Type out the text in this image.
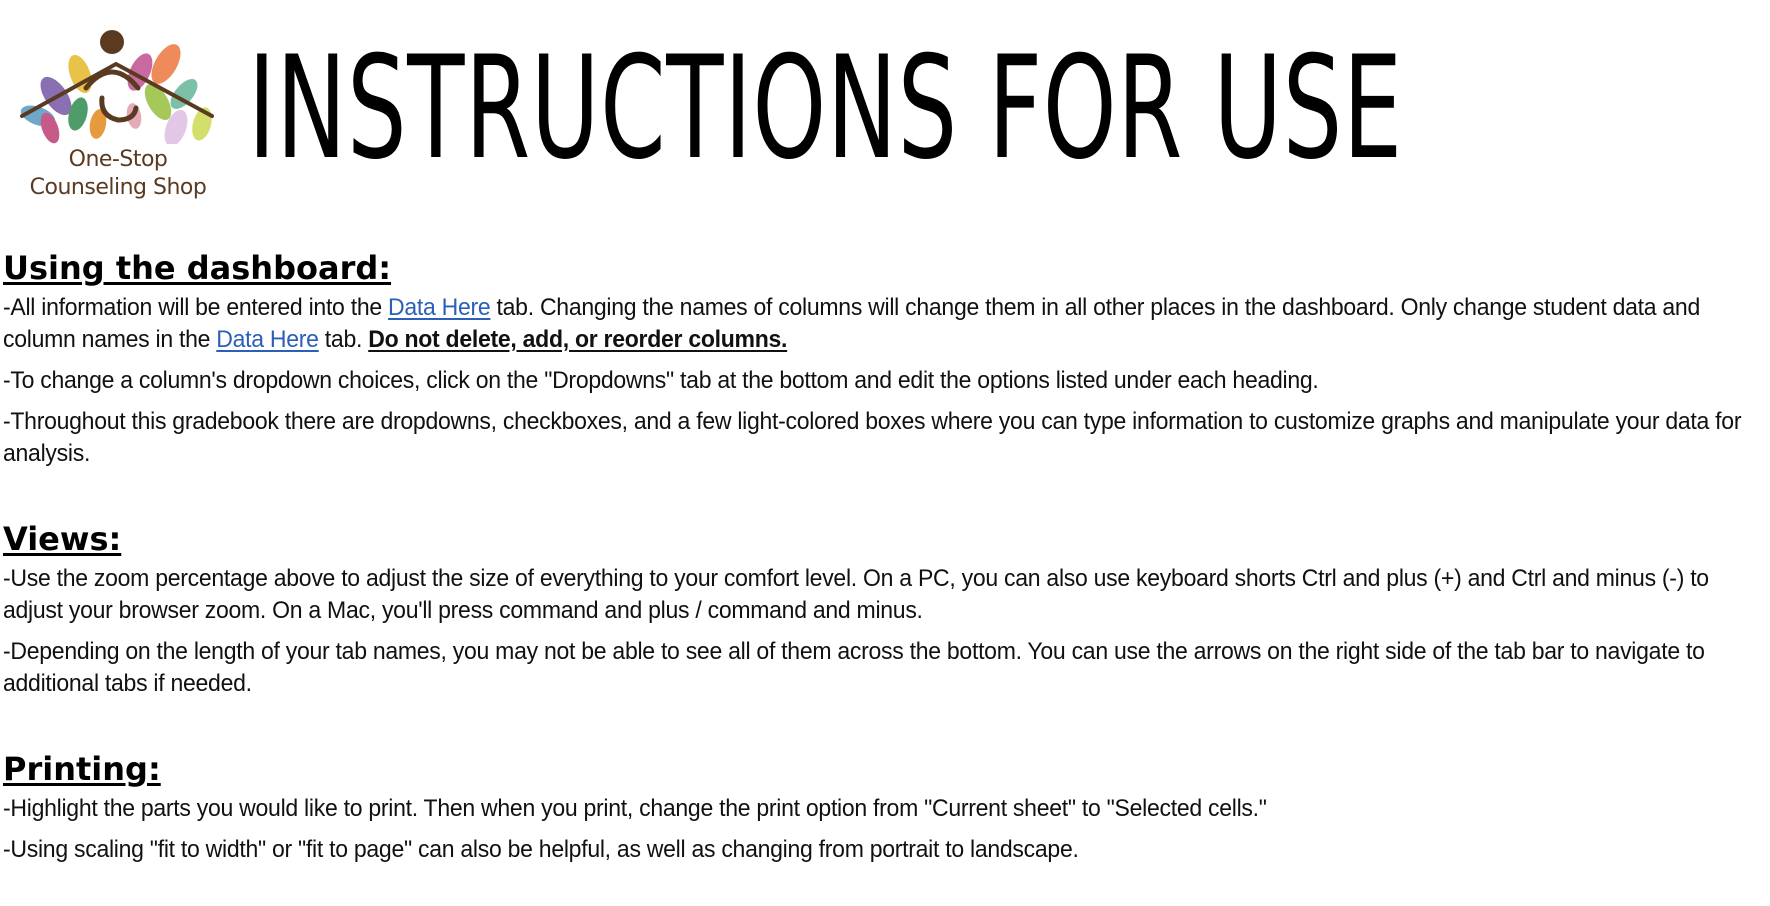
One-Stop
Counseling Shop INSTRUCTIONS FOR USE
Using the dashboard:

-All information will be entered into the Data Here tab. Changing the names of columns will change them in all other places in the dashboard. Only change student data and column names in the Data Here tab. Do not delete, add, or reorder columns.

-To change a column's dropdown choices, click on the "Dropdowns" tab at the bottom and edit the options listed under each heading.

-Throughout this gradebook there are dropdowns, checkboxes, and a few light-colored boxes where you can type information to customize graphs and manipulate your data for analysis.

Views:

-Use the zoom percentage above to adjust the size of everything to your comfort level. On a PC, you can also use keyboard shorts Ctrl and plus (+) and Ctrl and minus (-) to adjust your browser zoom. On a Mac, you'll press command and plus / command and minus.

-Depending on the length of your tab names, you may not be able to see all of them across the bottom. You can use the arrows on the right side of the tab bar to navigate to additional tabs if needed.

Printing:

-Highlight the parts you would like to print. Then when you print, change the print option from "Current sheet" to "Selected cells."

-Using scaling "fit to width" or "fit to page" can also be helpful, as well as changing from portrait to landscape.
